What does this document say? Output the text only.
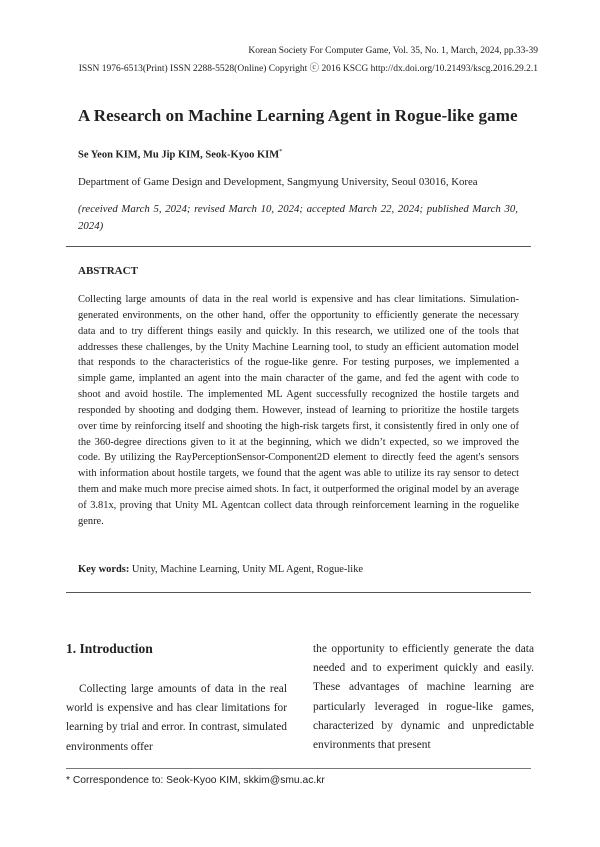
Korean Society For Computer Game, Vol. 35, No. 1, March, 2024, pp.33-39
ISSN 1976-6513(Print) ISSN 2288-5528(Online) Copyright ⓒ 2016 KSCG http://dx.doi.org/10.21493/kscg.2016.29.2.1
A Research on Machine Learning Agent in Rogue-like game
Se Yeon KIM, Mu Jip KIM, Seok-Kyoo KIM*
Department of Game Design and Development, Sangmyung University, Seoul 03016, Korea
(received March 5, 2024; revised March 10, 2024; accepted March 22, 2024; published March 30, 2024)
ABSTRACT
Collecting large amounts of data in the real world is expensive and has clear limitations. Simulation-generated environments, on the other hand, offer the opportunity to efficiently generate the necessary data and to try different things easily and quickly. In this research, we utilized one of the tools that addresses these challenges, by the Unity Machine Learning tool, to study an efficient automation model that responds to the characteristics of the rogue-like genre. For testing purposes, we implemented a simple game, implanted an agent into the main character of the game, and fed the agent with code to shoot and avoid hostile. The implemented ML Agent successfully recognized the hostile targets and responded by shooting and dodging them. However, instead of learning to prioritize the hostile targets over time by reinforcing itself and shooting the high-risk targets first, it consistently fired in only one of the 360-degree directions given to it at the beginning, which we didn’t expected, so we improved the code. By utilizing the RayPerceptionSensor-Component2D element to directly feed the agent's sensors with information about hostile targets, we found that the agent was able to utilize its ray sensor to detect them and make much more precise aimed shots. In fact, it outperformed the original model by an average of 3.81x, proving that Unity ML Agentcan collect data through reinforcement learning in the roguelike genre.
Key words: Unity, Machine Learning, Unity ML Agent, Rogue-like
1. Introduction
Collecting large amounts of data in the real world is expensive and has clear limitations for learning by trial and error. In contrast, simulated environments offer
the opportunity to efficiently generate the data needed and to experiment quickly and easily. These advantages of machine learning are particularly leveraged in rogue-like games, characterized by dynamic and unpredictable environments that present
* Correspondence to: Seok-Kyoo KIM, skkim@smu.ac.kr
